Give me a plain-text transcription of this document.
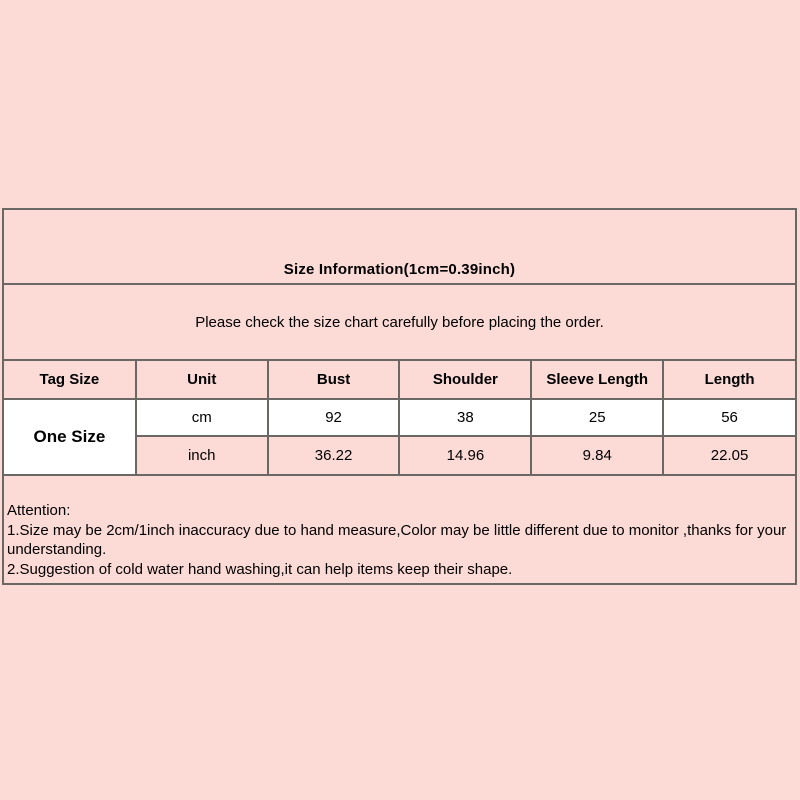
Size Information(1cm=0.39inch)
Please check the size chart carefully before placing the order.
Tag Size	Unit	Bust	Shoulder	Sleeve Length	Length
One Size	cm	92	38	25	56
	inch	36.22	14.96	9.84	22.05
Attention:
1.Size may be 2cm/1inch inaccuracy due to hand measure,Color may be little different due to monitor ,thanks for your understanding.
2.Suggestion of cold water hand washing,it can help items keep their shape.
